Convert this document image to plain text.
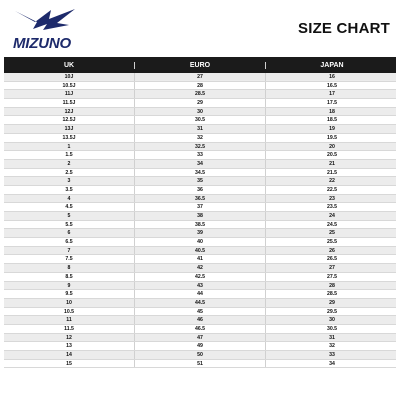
MIZUNO
SIZE CHART
UK	EURO	JAPAN
10J	27	16
10.5J	28	16.5
11J	28.5	17
11.5J	29	17.5
12J	30	18
12.5J	30.5	18.5
13J	31	19
13.5J	32	19.5
1	32.5	20
1.5	33	20.5
2	34	21
2.5	34.5	21.5
3	35	22
3.5	36	22.5
4	36.5	23
4.5	37	23.5
5	38	24
5.5	38.5	24.5
6	39	25
6.5	40	25.5
7	40.5	26
7.5	41	26.5
8	42	27
8.5	42.5	27.5
9	43	28
9.5	44	28.5
10	44.5	29
10.5	45	29.5
11	46	30
11.5	46.5	30.5
12	47	31
13	49	32
14	50	33
15	51	34
